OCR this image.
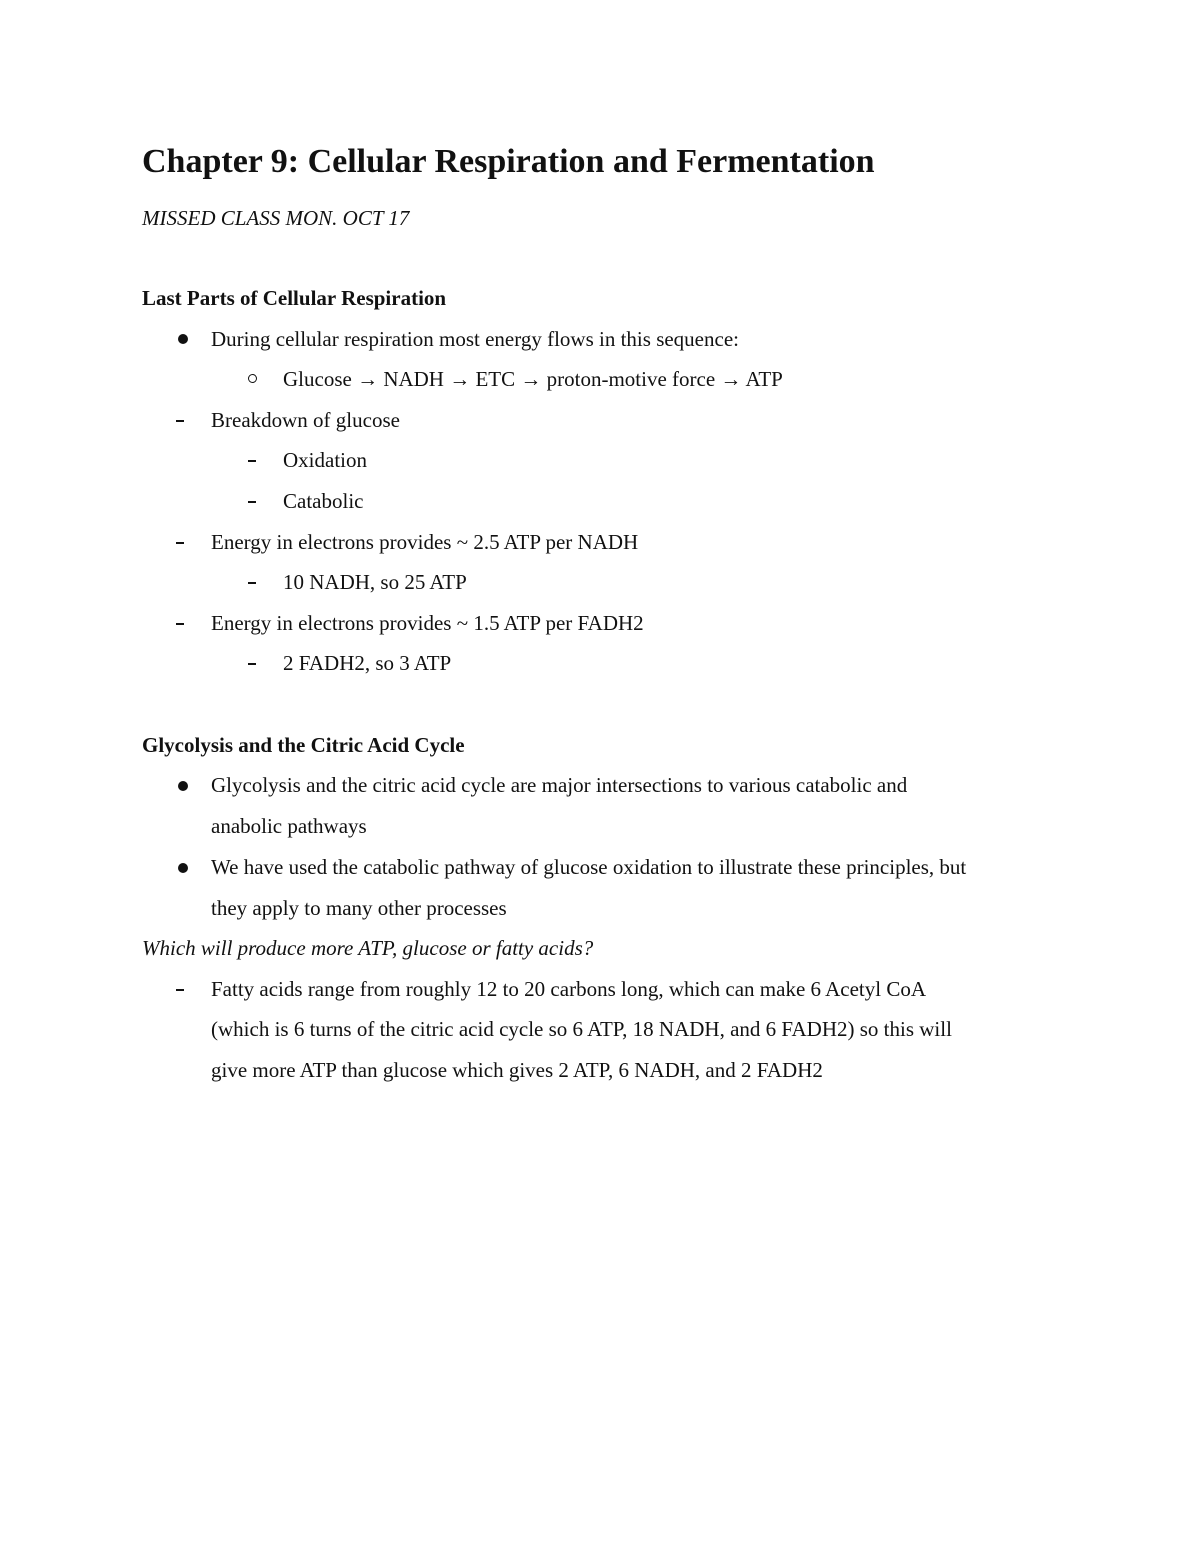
Chapter 9: Cellular Respiration and Fermentation
MISSED CLASS MON. OCT 17
Last Parts of Cellular Respiration
During cellular respiration most energy flows in this sequence:
Glucose → NADH → ETC → proton-motive force → ATP
Breakdown of glucose
Oxidation
Catabolic
Energy in electrons provides ~ 2.5 ATP per NADH
10 NADH, so 25 ATP
Energy in electrons provides ~ 1.5 ATP per FADH2
2 FADH2, so 3 ATP
Glycolysis and the Citric Acid Cycle
Glycolysis and the citric acid cycle are major intersections to various catabolic and
anabolic pathways
We have used the catabolic pathway of glucose oxidation to illustrate these principles, but
they apply to many other processes
Which will produce more ATP, glucose or fatty acids?
Fatty acids range from roughly 12 to 20 carbons long, which can make 6 Acetyl CoA
(which is 6 turns of the citric acid cycle so 6 ATP, 18 NADH, and 6 FADH2) so this will
give more ATP than glucose which gives 2 ATP, 6 NADH, and 2 FADH2
